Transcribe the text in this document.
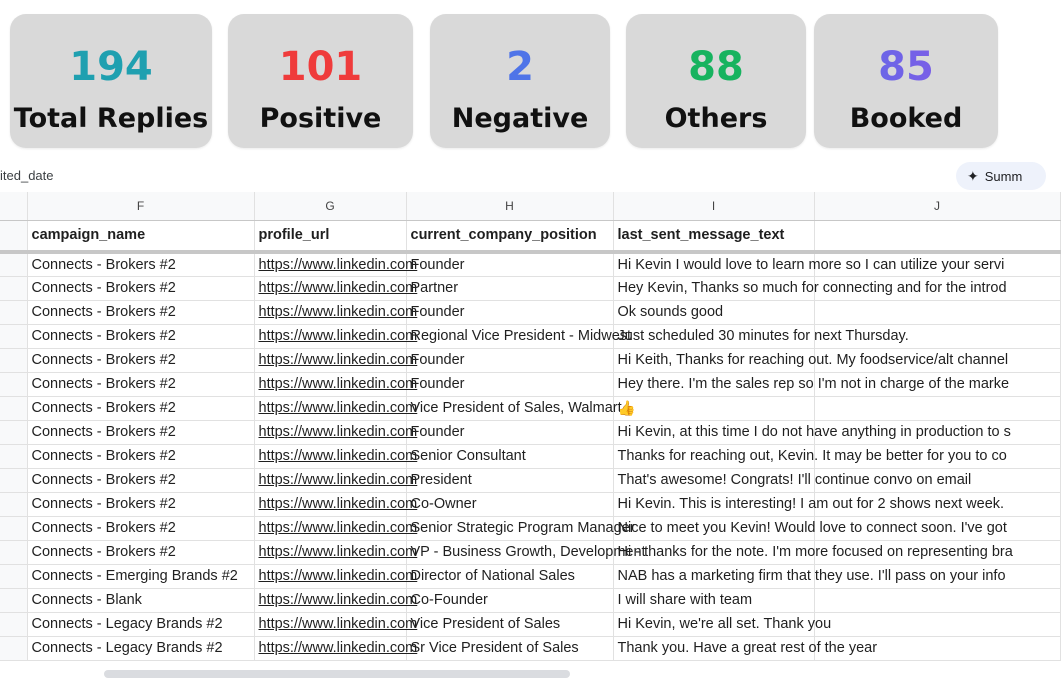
194
Total Replies
101
Positive
2
Negative
88
Others
85
Booked
ited_date	✦ Summ
	F	G	H	I	J
	campaign_name	profile_url	current_company_position	last_sent_message_text	
	Connects - Brokers #2	https://www.linkedin.com	Founder	Hi Kevin I would love to learn more so I can utilize your servi	
	Connects - Brokers #2	https://www.linkedin.com	Partner	Hey Kevin, Thanks so much for connecting and for the introd	
	Connects - Brokers #2	https://www.linkedin.com	Founder	Ok sounds good	
	Connects - Brokers #2	https://www.linkedin.com	Regional Vice President - Midwest	Just scheduled 30 minutes for next Thursday.	
	Connects - Brokers #2	https://www.linkedin.com	Founder	Hi Keith, Thanks for reaching out. My foodservice/alt channel	
	Connects - Brokers #2	https://www.linkedin.com	Founder	Hey there. I'm the sales rep so I'm not in charge of the marke	
	Connects - Brokers #2	https://www.linkedin.com	Vice President of Sales, Walmart	👍	
	Connects - Brokers #2	https://www.linkedin.com	Founder	Hi Kevin, at this time I do not have anything in production to s	
	Connects - Brokers #2	https://www.linkedin.com	Senior Consultant	Thanks for reaching out, Kevin. It may be better for you to co	
	Connects - Brokers #2	https://www.linkedin.com	President	That's awesome! Congrats! I'll continue convo on email	
	Connects - Brokers #2	https://www.linkedin.com	Co-Owner	Hi Kevin. This is interesting! I am out for 2 shows next week.	
	Connects - Brokers #2	https://www.linkedin.com	Senior Strategic Program Manager	Nice to meet you Kevin! Would love to connect soon. I've got	
	Connects - Brokers #2	https://www.linkedin.com	VP - Business Growth, Development	Hi - thanks for the note. I'm more focused on representing bra	
	Connects - Emerging Brands #2	https://www.linkedin.com	Director of National Sales	NAB has a marketing firm that they use. I'll pass on your info	
	Connects - Blank	https://www.linkedin.com	Co-Founder	I will share with team	
	Connects - Legacy Brands #2	https://www.linkedin.com	Vice President of Sales	Hi Kevin, we're all set. Thank you	
	Connects - Legacy Brands #2	https://www.linkedin.com	Sr Vice President of Sales	Thank you. Have a great rest of the year	
